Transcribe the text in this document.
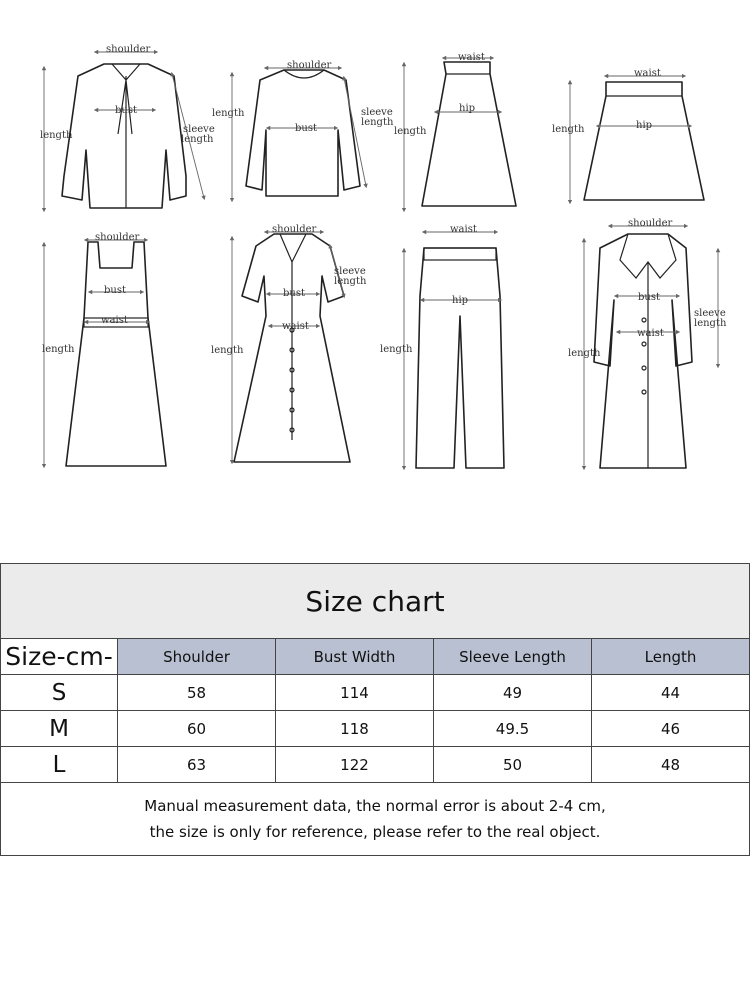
shoulder
bust
length
sleeve
length
shoulder
bust
length	sleeve
length
waist
hip
length
waist
hip
length
shoulder
bust
waist
length
shoulder
bust
waist
length
sleeve
length
waist
hip
length
shoulder
bust
waist
length
sleeve
length
Size chart				
Size-cm-	Shoulder	Bust Width	Sleeve Length	Length
S	58	114	49	44
M	60	118	49.5	46
L	63	122	50	48

Manual measurement data, the normal error is about 2-4 cm,
the size is only for reference, please refer to the real object.				
